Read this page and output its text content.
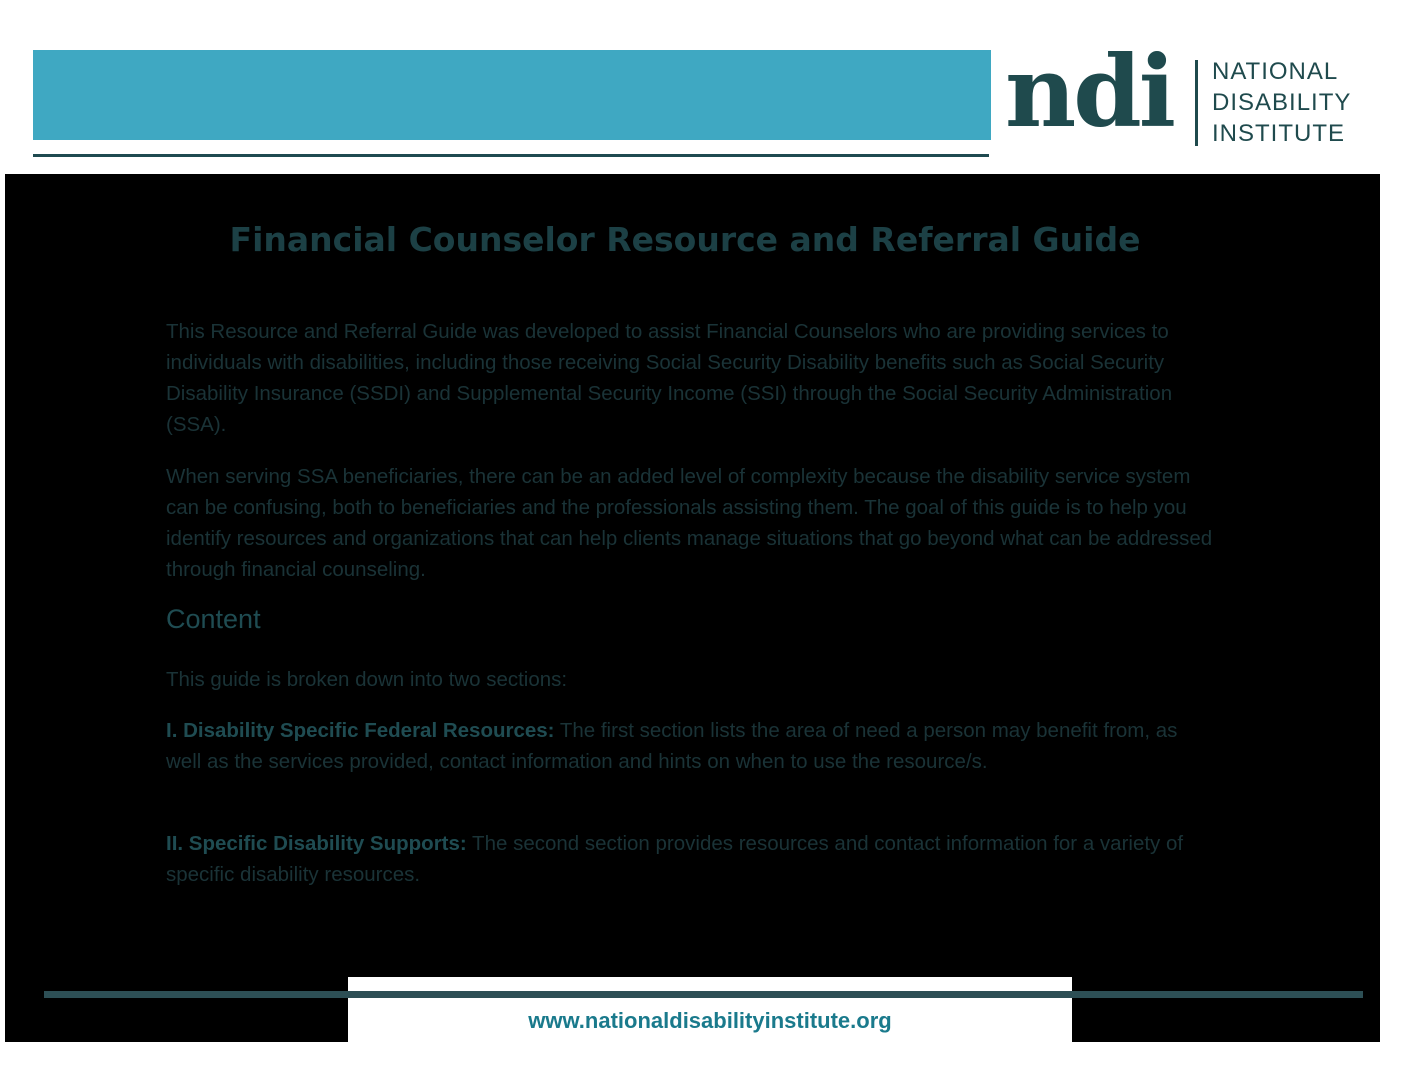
ndi NATIONAL
DISABILITY
INSTITUTE
Financial Counselor Resource and Referral Guide

This Resource and Referral Guide was developed to assist Financial Counselors who are providing services to individuals with disabilities, including those receiving Social Security Disability benefits such as Social Security Disability Insurance (SSDI) and Supplemental Security Income (SSI) through the Social Security Administration (SSA).

When serving SSA beneficiaries, there can be an added level of complexity because the disability service system can be confusing, both to beneficiaries and the professionals assisting them. The goal of this guide is to help you identify resources and organizations that can help clients manage situations that go beyond what can be addressed through financial counseling.

Content

This guide is broken down into two sections:

I. Disability Specific Federal Resources: The first section lists the area of need a person may benefit from, as well as the services provided, contact information and hints on when to use the resource/s.

II. Specific Disability Supports: The second section provides resources and contact information for a variety of specific disability resources.

www.nationaldisabilityinstitute.org
